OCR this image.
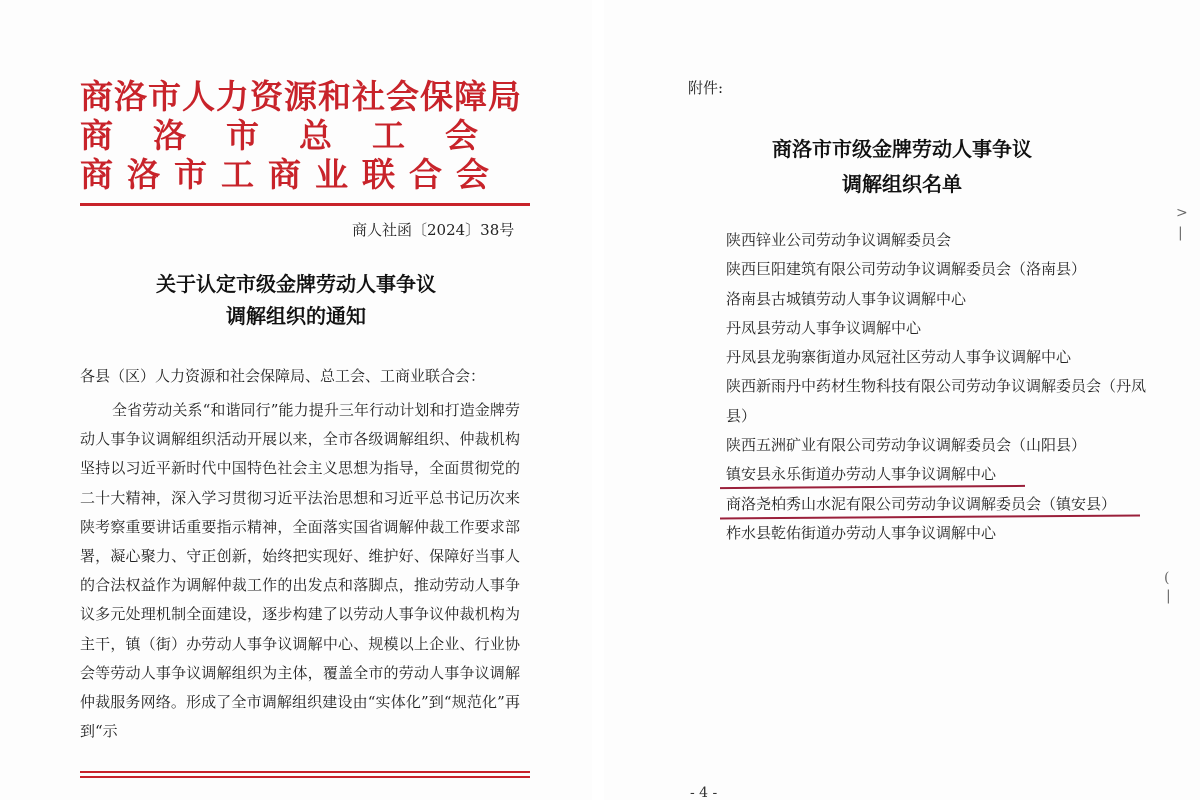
商洛市人力资源和社会保障局
商洛市总工会
商洛市工商业联合会
商人社函〔2024〕38号
关于认定市级金牌劳动人事争议
调解组织的通知
各县（区）人力资源和社会保障局、总工会、工商业联合会：
全省劳动关系“和谐同行”能力提升三年行动计划和打造金牌劳动人事争议调解组织活动开展以来，全市各级调解组织、仲裁机构坚持以习近平新时代中国特色社会主义思想为指导，全面贯彻党的二十大精神，深入学习贯彻习近平法治思想和习近平总书记历次来陕考察重要讲话重要指示精神，全面落实国省调解仲裁工作要求部署，凝心聚力、守正创新，始终把实现好、维护好、保障好当事人的合法权益作为调解仲裁工作的出发点和落脚点，推动劳动人事争议多元处理机制全面建设，逐步构建了以劳动人事争议仲裁机构为主干，镇（街）办劳动人事争议调解中心、规模以上企业、行业协会等劳动人事争议调解组织为主体，覆盖全市的劳动人事争议调解仲裁服务网络。形成了全市调解组织建设由“实体化”到“规范化”再到“示
附件:
商洛市市级金牌劳动人事争议
调解组织名单
陕西锌业公司劳动争议调解委员会
陕西巨阳建筑有限公司劳动争议调解委员会（洛南县）
洛南县古城镇劳动人事争议调解中心
丹凤县劳动人事争议调解中心
丹凤县龙驹寨街道办凤冠社区劳动人事争议调解中心
陕西新雨丹中药材生物科技有限公司劳动争议调解委员会（丹凤县）
陕西五洲矿业有限公司劳动争议调解委员会（山阳县）
镇安县永乐街道办劳动人事争议调解中心
商洛尧柏秀山水泥有限公司劳动争议调解委员会（镇安县）
柞水县乾佑街道办劳动人事争议调解中心
>
|
(
|
- 4 -
